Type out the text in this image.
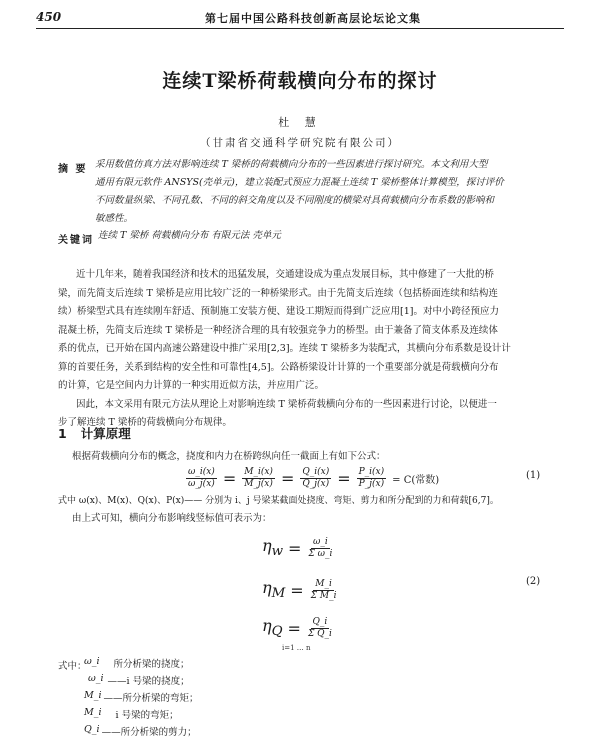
450	第七届中国公路科技创新高层论坛论文集
连续T梁桥荷载横向分布的探讨
杜 慧
（甘肃省交通科学研究院有限公司）
摘 要 采用数值仿真方法对影响连续 T 梁桥的荷载横向分布的一些因素进行探讨研究。本文利用大型
通用有限元软件 ANSYS(壳单元)，建立装配式预应力混凝土连续 T 梁桥整体计算模型，探讨评价
不同数量纵梁、不同孔数、不同的斜交角度以及不同刚度的横梁对具荷载横向分布系数的影响和
敏感性。
关键词 连续 T 梁桥 荷载横向分布 有限元法 壳单元
近十几年来，随着我国经济和技术的迅猛发展，交通建设成为重点发展目标，其中修建了一大批的桥
梁，而先简支后连续 T 梁桥是应用比较广泛的一种桥梁形式。由于先简支后连续（包括桥面连续和结构连
续）桥梁型式具有连续刚车舒适、预制施工安装方便、建设工期短而得到广泛应用[1]。对中小跨径预应力
混凝土桥，先简支后连续 T 梁桥是一种经济合理的具有较强竞争力的桥型。由于兼备了简支体系及连续体
系的优点，已开始在国内高速公路建设中推广采用[2,3]。连续 T 梁桥多为装配式，其横向分布系数是设计计
算的首要任务，关系到结构的安全性和可靠性[4,5]。公路桥梁设计计算的一个重要部分就是荷载横向分布
的计算，它是空间内力计算的一种实用近似方法，并应用广泛。
因此，本文采用有限元方法从理论上对影响连续 T 梁桥荷载横向分布的一些因素进行讨论，以便进一
步了解连续 T 梁桥的荷载横向分布规律。
1 计算原理
根据荷载横向分布的概念，挠度和内力在桥跨纵向任一截面上有如下公式：
$\frac{\omega\_i(x)}{\omega\_j(x)} = \frac{M\_i(x)}{M\_j(x)} = \frac{Q\_i(x)}{Q\_j(x)} = \frac{P\_i(x)}{P\_j(x)} = C$(常数)	(1)
式中 ω(x)、M(x)、Q(x)、P(x)—— 分别为 i、j 号梁某截面处挠度、弯矩、剪力和所分配到的力和荷载[6,7]。
由上式可知，横向分布影响线竖标值可表示为：
$\eta_w = \frac{\omega\_i}{\text{Σ ω\_i}}$
$\eta_M = \frac{M\_i}{\text{Σ M\_i}}$
$\eta_Q = \frac{Q\_i}{\text{Σ Q\_i}}$
i=1 … n
(2)
式中：
ω_i 所分析梁的挠度；
ω_i ——i 号梁的挠度；
M_i ——所分析梁的弯矩；
M_i i 号梁的弯矩；
Q_i ——所分析梁的剪力；
